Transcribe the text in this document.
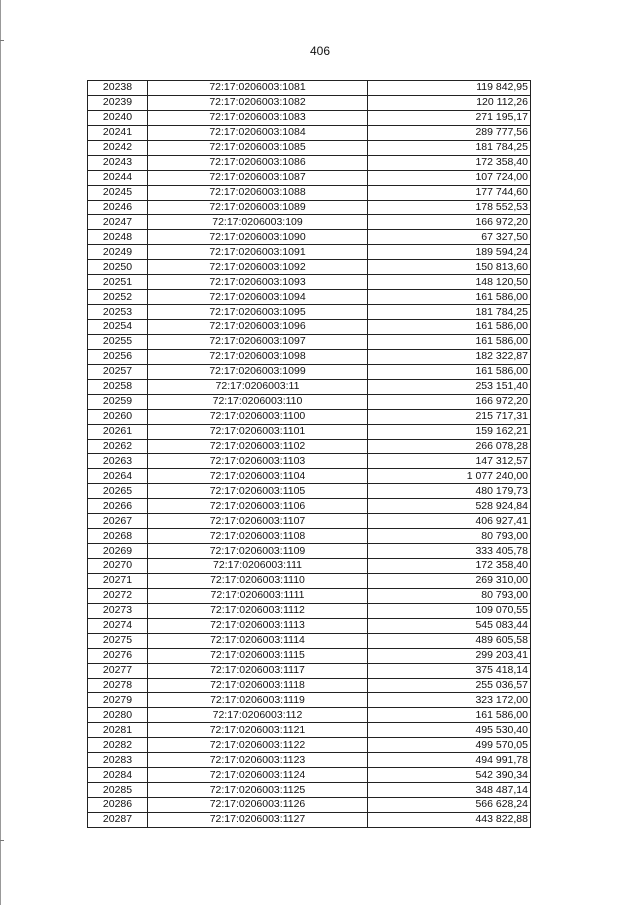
406
20238	72:17:0206003:1081	119 842,95
20239	72:17:0206003:1082	120 112,26
20240	72:17:0206003:1083	271 195,17
20241	72:17:0206003:1084	289 777,56
20242	72:17:0206003:1085	181 784,25
20243	72:17:0206003:1086	172 358,40
20244	72:17:0206003:1087	107 724,00
20245	72:17:0206003:1088	177 744,60
20246	72:17:0206003:1089	178 552,53
20247	72:17:0206003:109	166 972,20
20248	72:17:0206003:1090	67 327,50
20249	72:17:0206003:1091	189 594,24
20250	72:17:0206003:1092	150 813,60
20251	72:17:0206003:1093	148 120,50
20252	72:17:0206003:1094	161 586,00
20253	72:17:0206003:1095	181 784,25
20254	72:17:0206003:1096	161 586,00
20255	72:17:0206003:1097	161 586,00
20256	72:17:0206003:1098	182 322,87
20257	72:17:0206003:1099	161 586,00
20258	72:17:0206003:11	253 151,40
20259	72:17:0206003:110	166 972,20
20260	72:17:0206003:1100	215 717,31
20261	72:17:0206003:1101	159 162,21
20262	72:17:0206003:1102	266 078,28
20263	72:17:0206003:1103	147 312,57
20264	72:17:0206003:1104	1 077 240,00
20265	72:17:0206003:1105	480 179,73
20266	72:17:0206003:1106	528 924,84
20267	72:17:0206003:1107	406 927,41
20268	72:17:0206003:1108	80 793,00
20269	72:17:0206003:1109	333 405,78
20270	72:17:0206003:111	172 358,40
20271	72:17:0206003:1110	269 310,00
20272	72:17:0206003:1111	80 793,00
20273	72:17:0206003:1112	109 070,55
20274	72:17:0206003:1113	545 083,44
20275	72:17:0206003:1114	489 605,58
20276	72:17:0206003:1115	299 203,41
20277	72:17:0206003:1117	375 418,14
20278	72:17:0206003:1118	255 036,57
20279	72:17:0206003:1119	323 172,00
20280	72:17:0206003:112	161 586,00
20281	72:17:0206003:1121	495 530,40
20282	72:17:0206003:1122	499 570,05
20283	72:17:0206003:1123	494 991,78
20284	72:17:0206003:1124	542 390,34
20285	72:17:0206003:1125	348 487,14
20286	72:17:0206003:1126	566 628,24
20287	72:17:0206003:1127	443 822,88
